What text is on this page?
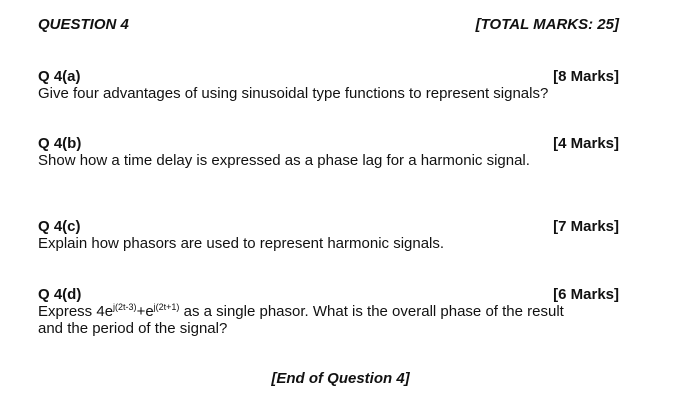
QUESTION 4	[TOTAL MARKS: 25]
Q 4(a)	[8 Marks]
Give four advantages of using sinusoidal type functions to represent signals?
Q 4(b)	[4 Marks]
Show how a time delay is expressed as a phase lag for a harmonic signal.
Q 4(c)	[7 Marks]
Explain how phasors are used to represent harmonic signals.
Q 4(d)	[6 Marks]
Express $4e^{j(2t-3)}+e^{j(2t+1)}$ as a single phasor. What is the overall phase of the result
and the period of the signal?
[End of Question 4]
